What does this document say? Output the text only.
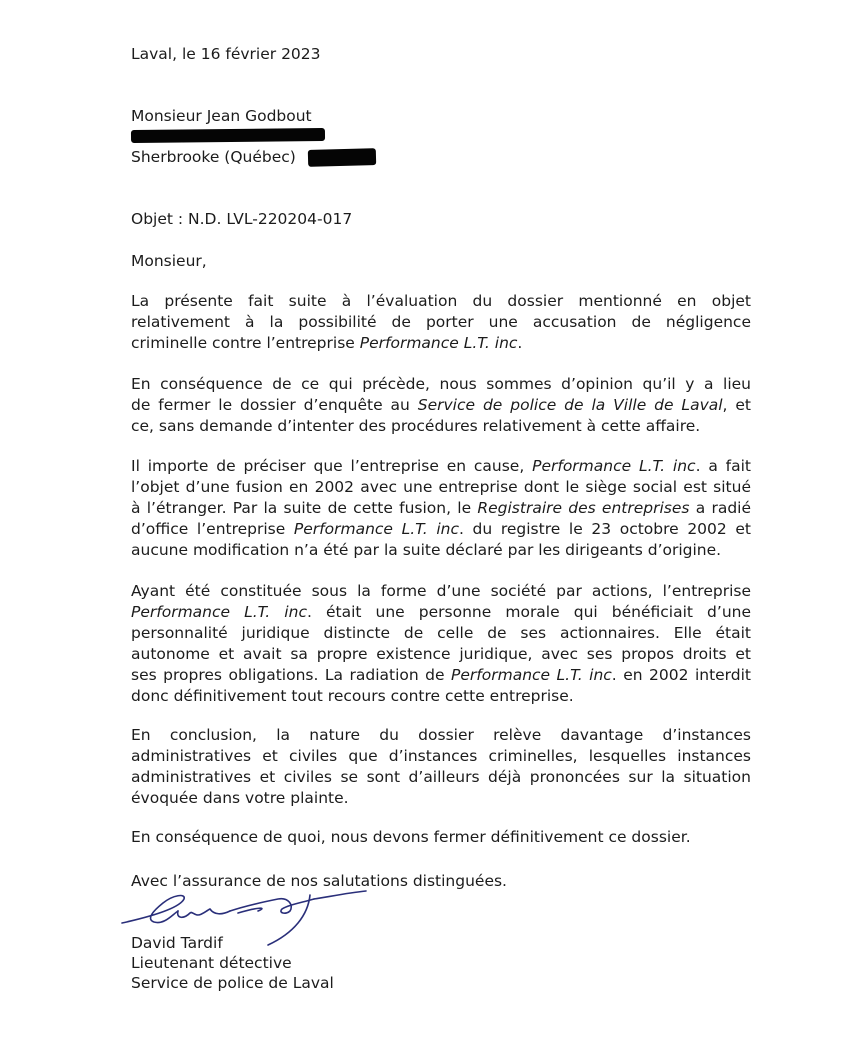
Laval, le 16 février 2023

Monsieur Jean Godbout

Sherbrooke (Québec)

Objet : N.D. LVL-220204-017

Monsieur,

La présente fait suite à l’évaluation du dossier mentionné en objet
relativement à la possibilité de porter une accusation de négligence
criminelle contre l’entreprise Performance L.T. inc.
En conséquence de ce qui précède, nous sommes d’opinion qu’il y a lieu
de fermer le dossier d’enquête au Service de police de la Ville de Laval, et
ce, sans demande d’intenter des procédures relativement à cette affaire.
Il importe de préciser que l’entreprise en cause, Performance L.T. inc. a fait
l’objet d’une fusion en 2002 avec une entreprise dont le siège social est situé
à l’étranger. Par la suite de cette fusion, le Registraire des entreprises a radié
d’office l’entreprise Performance L.T. inc. du registre le 23 octobre 2002 et
aucune modification n’a été par la suite déclaré par les dirigeants d’origine.
Ayant été constituée sous la forme d’une société par actions, l’entreprise
Performance L.T. inc. était une personne morale qui bénéficiait d’une
personnalité juridique distincte de celle de ses actionnaires. Elle était
autonome et avait sa propre existence juridique, avec ses propos droits et
ses propres obligations. La radiation de Performance L.T. inc. en 2002 interdit
donc définitivement tout recours contre cette entreprise.
En conclusion, la nature du dossier relève davantage d’instances
administratives et civiles que d’instances criminelles, lesquelles instances
administratives et civiles se sont d’ailleurs déjà prononcées sur la situation
évoquée dans votre plainte.
En conséquence de quoi, nous devons fermer définitivement ce dossier.

Avec l’assurance de nos salutations distinguées.

David Tardif

Lieutenant détective

Service de police de Laval
